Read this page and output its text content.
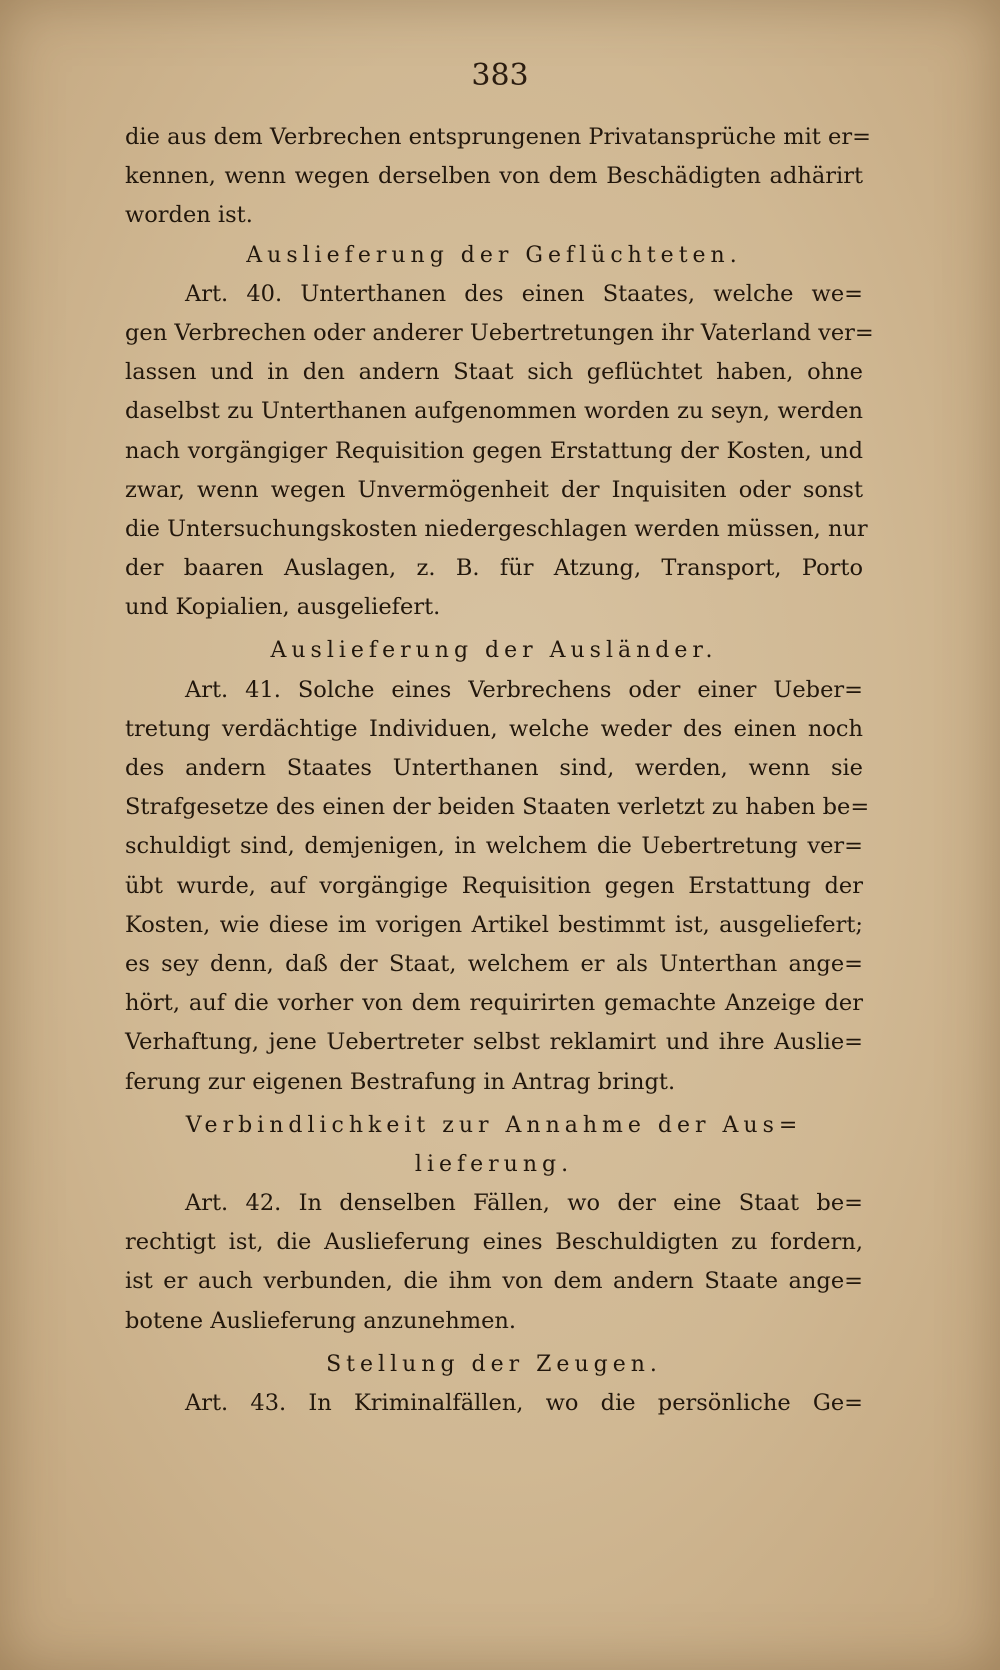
383
die aus dem Verbrechen entsprungenen Privatansprüche mit er=
kennen, wenn wegen derselben von dem Beschädigten adhärirt
worden ist.
Auslieferung der Geflüchteten.
Art. 40. Unterthanen des einen Staates, welche we=
gen Verbrechen oder anderer Uebertretungen ihr Vaterland ver=
lassen und in den andern Staat sich geflüchtet haben, ohne
daselbst zu Unterthanen aufgenommen worden zu seyn, werden
nach vorgängiger Requisition gegen Erstattung der Kosten, und
zwar, wenn wegen Unvermögenheit der Inquisiten oder sonst
die Untersuchungskosten niedergeschlagen werden müssen, nur
der baaren Auslagen, z. B. für Atzung, Transport, Porto
und Kopialien, ausgeliefert.
Auslieferung der Ausländer.
Art. 41. Solche eines Verbrechens oder einer Ueber=
tretung verdächtige Individuen, welche weder des einen noch
des andern Staates Unterthanen sind, werden, wenn sie
Strafgesetze des einen der beiden Staaten verletzt zu haben be=
schuldigt sind, demjenigen, in welchem die Uebertretung ver=
übt wurde, auf vorgängige Requisition gegen Erstattung der
Kosten, wie diese im vorigen Artikel bestimmt ist, ausgeliefert;
es sey denn, daß der Staat, welchem er als Unterthan ange=
hört, auf die vorher von dem requirirten gemachte Anzeige der
Verhaftung, jene Uebertreter selbst reklamirt und ihre Auslie=
ferung zur eigenen Bestrafung in Antrag bringt.
Verbindlichkeit zur Annahme der Aus=
lieferung.
Art. 42. In denselben Fällen, wo der eine Staat be=
rechtigt ist, die Auslieferung eines Beschuldigten zu fordern,
ist er auch verbunden, die ihm von dem andern Staate ange=
botene Auslieferung anzunehmen.
Stellung der Zeugen.
Art. 43. In Kriminalfällen, wo die persönliche Ge=
